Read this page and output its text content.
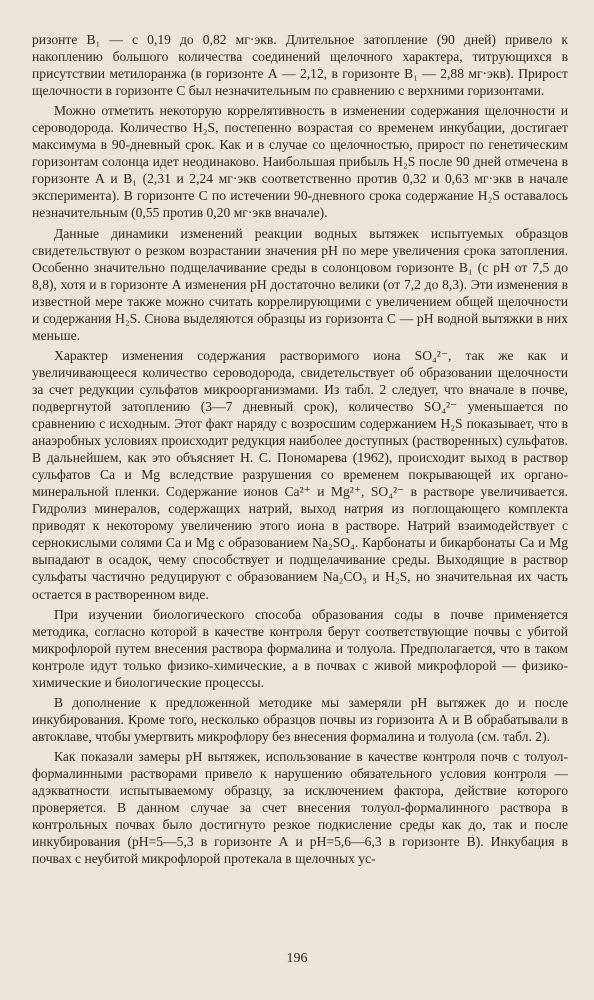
ризонте B₁ — с 0,19 до 0,82 мг·экв. Длительное затопление (90 дней) привело к накоплению большого количества соединений щелочного характера, титрующихся в присутствии метилоранжа (в горизонте А — 2,12, в горизонте B₁ — 2,88 мг·экв). Прирост щелочности в горизонте С был незначительным по сравнению с верхними горизонтами.

Можно отметить некоторую коррелятивность в изменении содержания щелочности и сероводорода. Количество H₂S, постепенно возрастая со временем инкубации, достигает максимума в 90-дневный срок. Как и в случае со щелочностью, прирост по генетическим горизонтам солонца идет неодинаково. Наибольшая прибыль H₂S после 90 дней отмечена в горизонте А и B₁ (2,31 и 2,24 мг·экв соответственно против 0,32 и 0,63 мг·экв в начале эксперимента). В горизонте С по истечении 90-дневного срока содержание H₂S оставалось незначительным (0,55 против 0,20 мг·экв вначале).

Данные динамики изменений реакции водных вытяжек испытуемых образцов свидетельствуют о резком возрастании значения pH по мере увеличения срока затопления. Особенно значительно подщелачивание среды в солонцовом горизонте B₁ (с pH от 7,5 до 8,8), хотя и в горизонте А изменения pH достаточно велики (от 7,2 до 8,3). Эти изменения в известной мере также можно считать коррелирующими с увеличением общей щелочности и содержания H₂S. Снова выделяются образцы из горизонта С — pH водной вытяжки в них меньше.

Характер изменения содержания растворимого иона SO₄²⁻, так же как и увеличивающееся количество сероводорода, свидетельствует об образовании щелочности за счет редукции сульфатов микроорганизмами. Из табл. 2 следует, что вначале в почве, подвергнутой затоплению (3—7 дневный срок), количество SO₄²⁻ уменьшается по сравнению с исходным. Этот факт наряду с возросшим содержанием H₂S показывает, что в анаэробных условиях происходит редукция наиболее доступных (растворенных) сульфатов. В дальнейшем, как это объясняет Н. С. Пономарева (1962), происходит выход в раствор сульфатов Са и Mg вследствие разрушения со временем покрывающей их органо-минеральной пленки. Содержание ионов Ca²⁺ и Mg²⁺, SO₄²⁻ в растворе увеличивается. Гидролиз минералов, содержащих натрий, выход натрия из поглощающего комплекта приводят к некоторому увеличению этого иона в растворе. Натрий взаимодействует с сернокислыми солями Са и Mg с образованием Na₂SO₄. Карбонаты и бикарбонаты Са и Mg выпадают в осадок, чему способствует и подщелачивание среды. Выходящие в раствор сульфаты частично редуцируют с образованием Na₂CO₃ и H₂S, но значительная их часть остается в растворенном виде.

При изучении биологического способа образования соды в почве применяется методика, согласно которой в качестве контроля берут соответствующие почвы с убитой микрофлорой путем внесения раствора формалина и толуола. Предполагается, что в таком контроле идут только физико-химические, а в почвах с живой микрофлорой — физико-химические и биологические процессы.

В дополнение к предложенной методике мы замеряли pH вытяжек до и после инкубирования. Кроме того, несколько образцов почвы из горизонта А и B обрабатывали в автоклаве, чтобы умертвить микрофлору без внесения формалина и толуола (см. табл. 2).

Как показали замеры pH вытяжек, использование в качестве контроля почв с толуол-формалинными растворами привело к нарушению обязательного условия контроля — адэкватности испытываемому образцу, за исключением фактора, действие которого проверяется. В данном случае за счет внесения толуол-формалинного раствора в контрольных почвах было достигнуто резкое подкисление среды как до, так и после инкубирования (pH=5—5,3 в горизонте А и pH=5,6—6,3 в горизонте B). Инкубация в почвах с неубитой микрофлорой протекала в щелочных ус-

196
